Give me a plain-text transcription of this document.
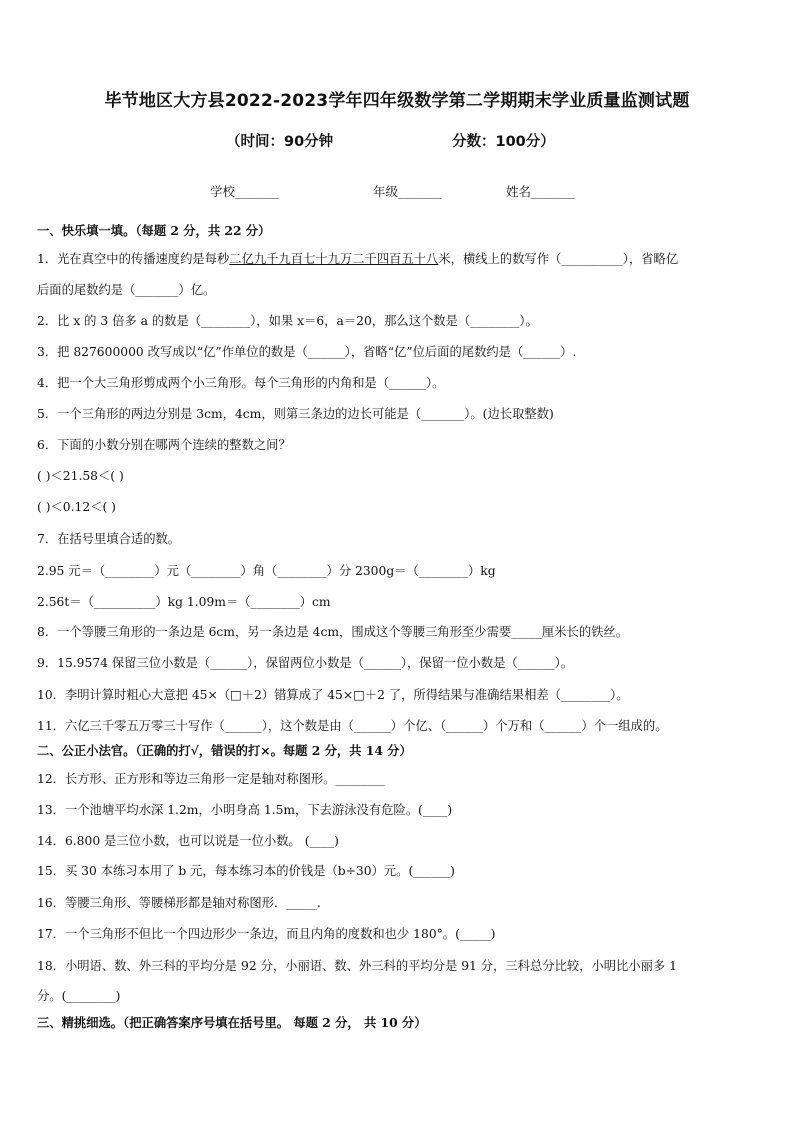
毕节地区大方县2022-2023学年四年级数学第二学期期末学业质量监测试题
（时间：90分钟	分数：100分）
学校_______	年级_______	姓名_______
一、快乐填一填。（每题 2 分，共 22 分）
1．光在真空中的传播速度约是每秒二亿九千九百七十九万二千四百五十八米，横线上的数写作（__________），省略亿
后面的尾数约是（_______）亿。
2．比 x 的 3 倍多 a 的数是（________），如果 x＝6，a＝20，那么这个数是（________）。
3．把 827600000 改写成以“亿”作单位的数是（______），省略“亿”位后面的尾数约是（______）.
4．把一个大三角形剪成两个小三角形。每个三角形的内角和是（______）。
5．一个三角形的两边分别是 3cm，4cm，则第三条边的边长可能是（_______）。(边长取整数)
6．下面的小数分别在哪两个连续的整数之间？
( )＜21.58＜( )
( )＜0.12＜( )
7．在括号里填合适的数。
2.95 元＝（________）元（________）角（________）分 2300g＝（________）kg
2.56t＝（__________）kg 1.09m＝（________）cm
8．一个等腰三角形的一条边是 6cm，另一条边是 4cm，围成这个等腰三角形至少需要_____厘米长的铁丝。
9．15.9574 保留三位小数是（______），保留两位小数是（______），保留一位小数是（______）。
10．李明计算时粗心大意把 45×（□＋2）错算成了 45×□＋2 了，所得结果与准确结果相差（________）。
11．六亿三千零五万零三十写作（______），这个数是由（______）个亿、（______）个万和（______）个一组成的。
二、公正小法官。（正确的打√，错误的打×。每题 2 分，共 14 分）
12．长方形、正方形和等边三角形一定是轴对称图形。________
13．一个池塘平均水深 1.2m，小明身高 1.5m，下去游泳没有危险。(____)
14．6.800 是三位小数，也可以说是一位小数。 (____)
15．买 30 本练习本用了 b 元，每本练习本的价钱是（b÷30）元。(______)
16．等腰三角形、等腰梯形都是轴对称图形．_____.
17．一个三角形不但比一个四边形少一条边，而且内角的度数和也少 180°。(_____)
18．小明语、数、外三科的平均分是 92 分，小丽语、数、外三科的平均分是 91 分，三科总分比较，小明比小丽多 1
分。(________)
三、精挑细选。（把正确答案序号填在括号里。 每题 2 分， 共 10 分）
